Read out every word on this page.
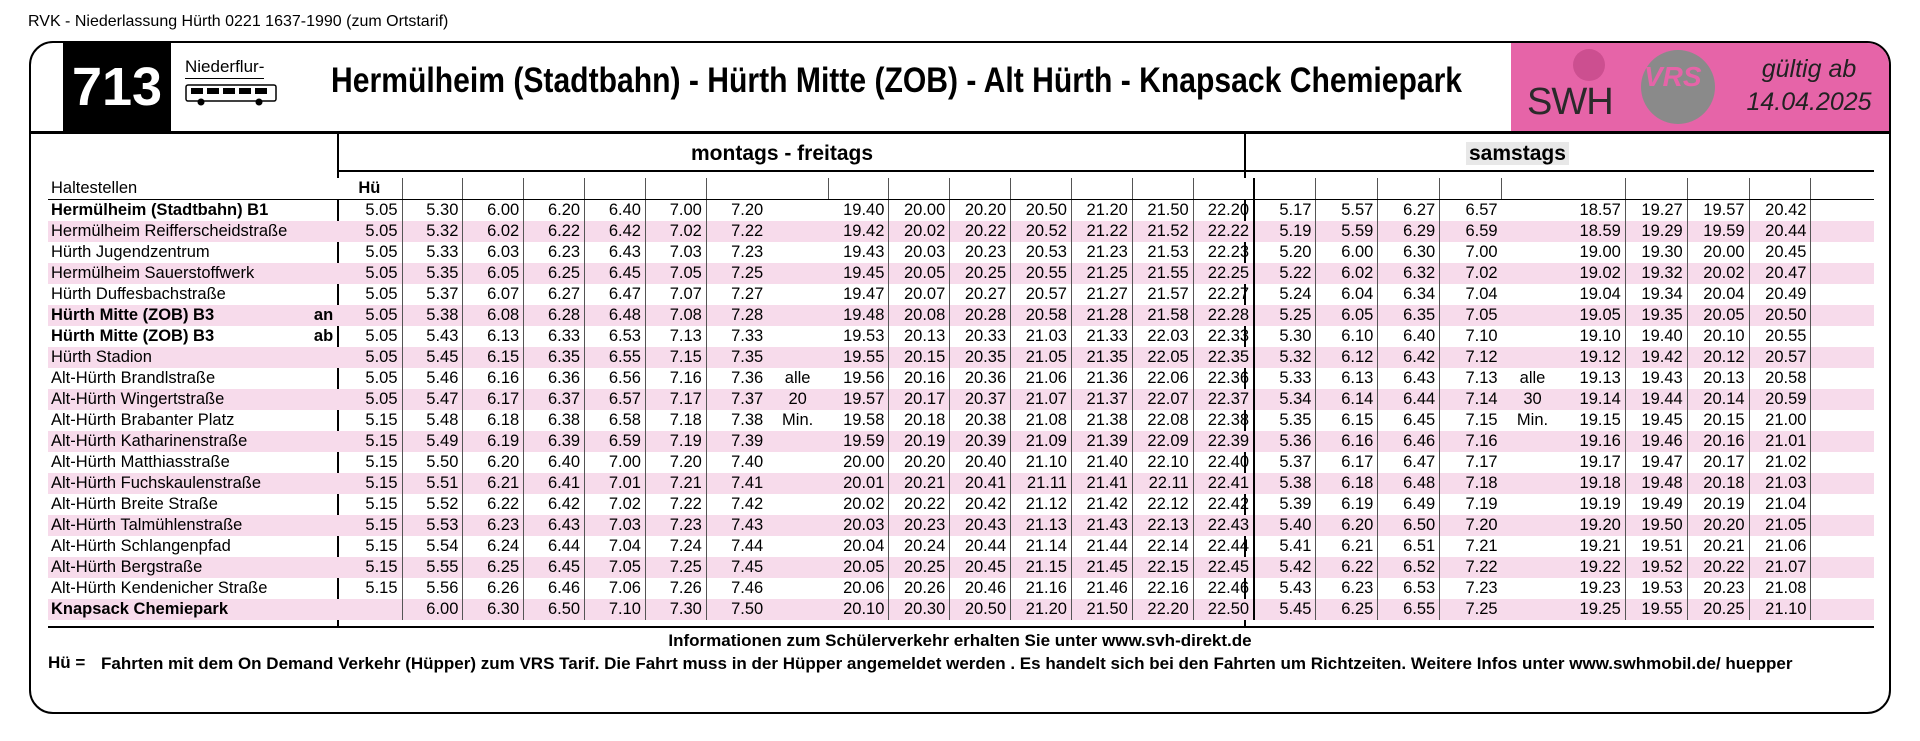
RVK - Niederlassung Hürth 0221 1637-1990 (zum Ortstarif)
713	Niederflur-	Hermülheim (Stadtbahn) - Hürth Mitte (ZOB) - Alt Hürth - Knapsack Chemiepark
SWH
VRS	gültig ab
14.04.2025
montags - freitags	samstags
Haltestellen	Hü																								
Hermülheim (Stadtbahn) B1	5.05	5.30	6.00	6.20	6.40	7.00	7.20		19.40	20.00	20.20	20.50	21.20	21.50	22.20	5.17	5.57	6.27	6.57		18.57	19.27	19.57	20.42	
Hermülheim Reifferscheidstraße	5.05	5.32	6.02	6.22	6.42	7.02	7.22		19.42	20.02	20.22	20.52	21.22	21.52	22.22	5.19	5.59	6.29	6.59		18.59	19.29	19.59	20.44	
Hürth Jugendzentrum	5.05	5.33	6.03	6.23	6.43	7.03	7.23		19.43	20.03	20.23	20.53	21.23	21.53	22.23	5.20	6.00	6.30	7.00		19.00	19.30	20.00	20.45	
Hermülheim Sauerstoffwerk	5.05	5.35	6.05	6.25	6.45	7.05	7.25		19.45	20.05	20.25	20.55	21.25	21.55	22.25	5.22	6.02	6.32	7.02		19.02	19.32	20.02	20.47	
Hürth Duffesbachstraße	5.05	5.37	6.07	6.27	6.47	7.07	7.27		19.47	20.07	20.27	20.57	21.27	21.57	22.27	5.24	6.04	6.34	7.04		19.04	19.34	20.04	20.49	
Hürth Mitte (ZOB) B3 an	5.05	5.38	6.08	6.28	6.48	7.08	7.28		19.48	20.08	20.28	20.58	21.28	21.58	22.28	5.25	6.05	6.35	7.05		19.05	19.35	20.05	20.50	
Hürth Mitte (ZOB) B3 ab	5.05	5.43	6.13	6.33	6.53	7.13	7.33		19.53	20.13	20.33	21.03	21.33	22.03	22.33	5.30	6.10	6.40	7.10		19.10	19.40	20.10	20.55	
Hürth Stadion	5.05	5.45	6.15	6.35	6.55	7.15	7.35		19.55	20.15	20.35	21.05	21.35	22.05	22.35	5.32	6.12	6.42	7.12		19.12	19.42	20.12	20.57	
Alt-Hürth Brandlstraße	5.05	5.46	6.16	6.36	6.56	7.16	7.36	alle	19.56	20.16	20.36	21.06	21.36	22.06	22.36	5.33	6.13	6.43	7.13	alle	19.13	19.43	20.13	20.58	
Alt-Hürth Wingertstraße	5.05	5.47	6.17	6.37	6.57	7.17	7.37	20	19.57	20.17	20.37	21.07	21.37	22.07	22.37	5.34	6.14	6.44	7.14	30	19.14	19.44	20.14	20.59	
Alt-Hürth Brabanter Platz	5.15	5.48	6.18	6.38	6.58	7.18	7.38	Min.	19.58	20.18	20.38	21.08	21.38	22.08	22.38	5.35	6.15	6.45	7.15	Min.	19.15	19.45	20.15	21.00	
Alt-Hürth Katharinenstraße	5.15	5.49	6.19	6.39	6.59	7.19	7.39		19.59	20.19	20.39	21.09	21.39	22.09	22.39	5.36	6.16	6.46	7.16		19.16	19.46	20.16	21.01	
Alt-Hürth Matthiasstraße	5.15	5.50	6.20	6.40	7.00	7.20	7.40		20.00	20.20	20.40	21.10	21.40	22.10	22.40	5.37	6.17	6.47	7.17		19.17	19.47	20.17	21.02	
Alt-Hürth Fuchskaulenstraße	5.15	5.51	6.21	6.41	7.01	7.21	7.41		20.01	20.21	20.41	21.11	21.41	22.11	22.41	5.38	6.18	6.48	7.18		19.18	19.48	20.18	21.03	
Alt-Hürth Breite Straße	5.15	5.52	6.22	6.42	7.02	7.22	7.42		20.02	20.22	20.42	21.12	21.42	22.12	22.42	5.39	6.19	6.49	7.19		19.19	19.49	20.19	21.04	
Alt-Hürth Talmühlenstraße	5.15	5.53	6.23	6.43	7.03	7.23	7.43		20.03	20.23	20.43	21.13	21.43	22.13	22.43	5.40	6.20	6.50	7.20		19.20	19.50	20.20	21.05	
Alt-Hürth Schlangenpfad	5.15	5.54	6.24	6.44	7.04	7.24	7.44		20.04	20.24	20.44	21.14	21.44	22.14	22.44	5.41	6.21	6.51	7.21		19.21	19.51	20.21	21.06	
Alt-Hürth Bergstraße	5.15	5.55	6.25	6.45	7.05	7.25	7.45		20.05	20.25	20.45	21.15	21.45	22.15	22.45	5.42	6.22	6.52	7.22		19.22	19.52	20.22	21.07	
Alt-Hürth Kendenicher Straße	5.15	5.56	6.26	6.46	7.06	7.26	7.46		20.06	20.26	20.46	21.16	21.46	22.16	22.46	5.43	6.23	6.53	7.23		19.23	19.53	20.23	21.08	
Knapsack Chemiepark		6.00	6.30	6.50	7.10	7.30	7.50		20.10	20.30	20.50	21.20	21.50	22.20	22.50	5.45	6.25	6.55	7.25		19.25	19.55	20.25	21.10	
Informationen zum Schülerverkehr erhalten Sie unter www.svh-direkt.de
Hü = Fahrten mit dem On Demand Verkehr (Hüpper) zum VRS Tarif. Die Fahrt muss in der Hüpper angemeldet werden . Es handelt sich bei den Fahrten um Richtzeiten. Weitere Infos unter www.swhmobil.de/ huepper
